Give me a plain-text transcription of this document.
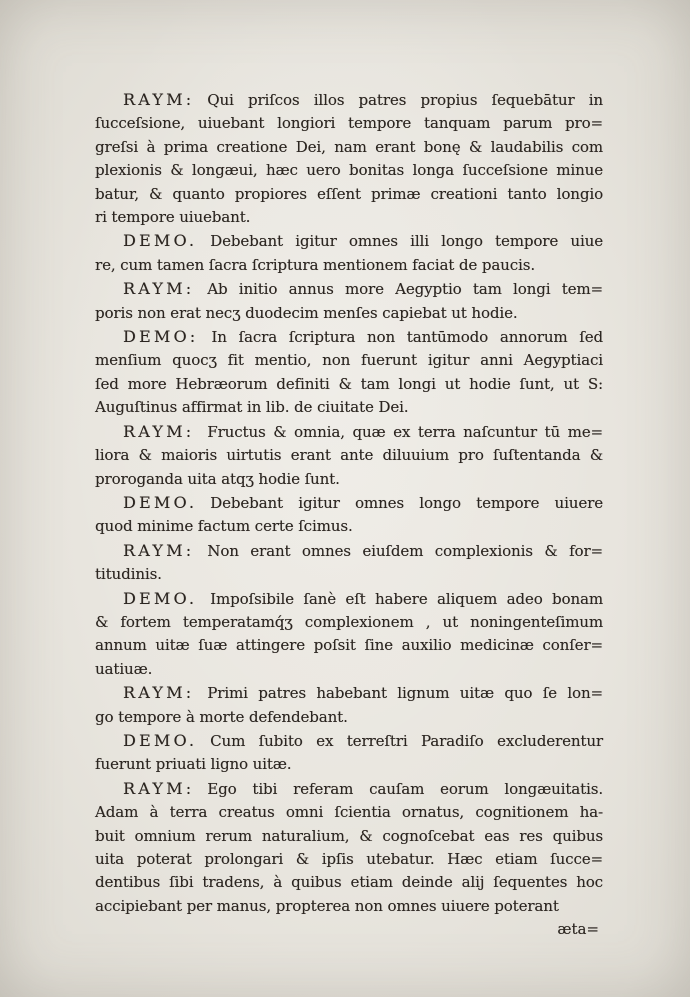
RAYM: Qui priſcos illos patres propius ſequebātur in
ſucceſsione, uiuebant longiori tempore tanquam parum pro=
greſsi à prima creatione Dei, nam erant bonę & laudabilis com
plexionis & longæui, hæc uero bonitas longa ſucceſsione minue
batur, & quanto propiores eſſent primæ creationi tanto longio
ri tempore uiuebant.
DEMO. Debebant igitur omnes illi longo tempore uiue
re, cum tamen ſacra ſcriptura mentionem faciat de paucis.
RAYM: Ab initio annus more Aegyptio tam longi tem=
poris non erat necʒ duodecim menſes capiebat ut hodie.
DEMO: In ſacra ſcriptura non tantūmodo annorum ſed
menſium quocʒ fit mentio, non fuerunt igitur anni Aegyptiaci
ſed more Hebræorum definiti & tam longi ut hodie ſunt, ut S:
Auguſtinus affirmat in lib. de ciuitate Dei.
RAYM: Fructus & omnia, quæ ex terra naſcuntur tū me=
liora & maioris uirtutis erant ante diluuium pro ſuſtentanda &
proroganda uita atqʒ hodie ſunt.
DEMO. Debebant igitur omnes longo tempore uiuere
quod minime factum certe ſcimus.
RAYM: Non erant omnes eiuſdem complexionis & for=
titudinis.
DEMO. Impoſsibile ſanè eſt habere aliquem adeo bonam
& fortem temperatamq́ʒ complexionem , ut noningenteſimum
annum uitæ ſuæ attingere poſsit ſine auxilio medicinæ conſer=
uatiuæ.
RAYM: Primi patres habebant lignum uitæ quo ſe lon=
go tempore à morte defendebant.
DEMO. Cum ſubito ex terreſtri Paradiſo excluderentur
fuerunt priuati ligno uitæ.
RAYM: Ego tibi referam cauſam eorum longæuitatis.
Adam à terra creatus omni ſcientia ornatus, cognitionem ha-
buit omnium rerum naturalium, & cognoſcebat eas res quibus
uita poterat prolongari & ipſis utebatur. Hæc etiam ſucce=
dentibus ſibi tradens, à quibus etiam deinde alij ſequentes hoc
accipiebant per manus, propterea non omnes uiuere poterant
æta=
